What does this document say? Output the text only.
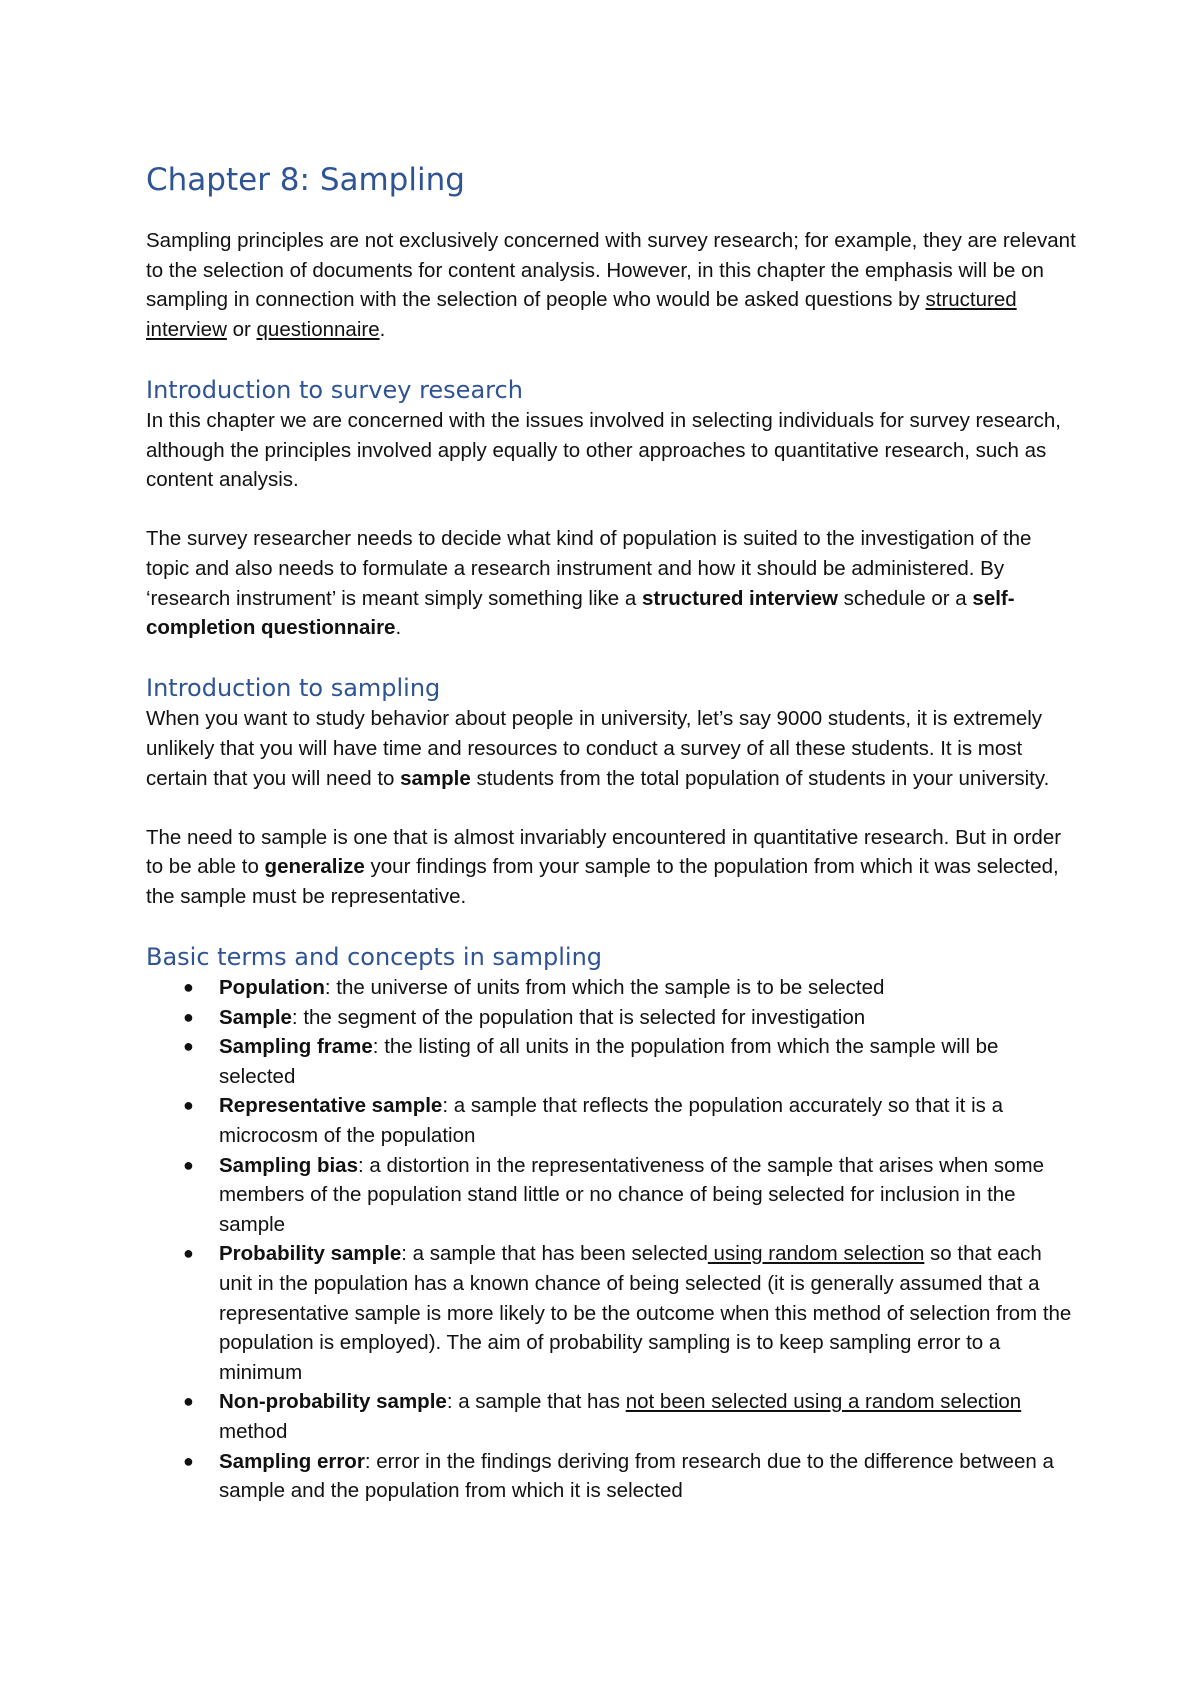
Chapter 8: Sampling

Sampling principles are not exclusively concerned with survey research; for example, they are relevant to the selection of documents for content analysis. However, in this chapter the emphasis will be on sampling in connection with the selection of people who would be asked questions by structured interview or questionnaire.

Introduction to survey research

In this chapter we are concerned with the issues involved in selecting individuals for survey research, although the principles involved apply equally to other approaches to quantitative research, such as content analysis.

The survey researcher needs to decide what kind of population is suited to the investigation of the topic and also needs to formulate a research instrument and how it should be administered. By ‘research instrument’ is meant simply something like a structured interview schedule or a self-completion questionnaire.

Introduction to sampling

When you want to study behavior about people in university, let’s say 9000 students, it is extremely unlikely that you will have time and resources to conduct a survey of all these students. It is most certain that you will need to sample students from the total population of students in your university.

The need to sample is one that is almost invariably encountered in quantitative research. But in order to be able to generalize your findings from your sample to the population from which it was selected, the sample must be representative.

Basic terms and concepts in sampling
● Population: the universe of units from which the sample is to be selected
● Sample: the segment of the population that is selected for investigation
● Sampling frame: the listing of all units in the population from which the sample will be selected
● Representative sample: a sample that reflects the population accurately so that it is a microcosm of the population
● Sampling bias: a distortion in the representativeness of the sample that arises when some members of the population stand little or no chance of being selected for inclusion in the sample
● Probability sample: a sample that has been selected using random selection so that each unit in the population has a known chance of being selected (it is generally assumed that a representative sample is more likely to be the outcome when this method of selection from the population is employed). The aim of probability sampling is to keep sampling error to a minimum
● Non-probability sample: a sample that has not been selected using a random selection method
● Sampling error: error in the findings deriving from research due to the difference between a sample and the population from which it is selected
